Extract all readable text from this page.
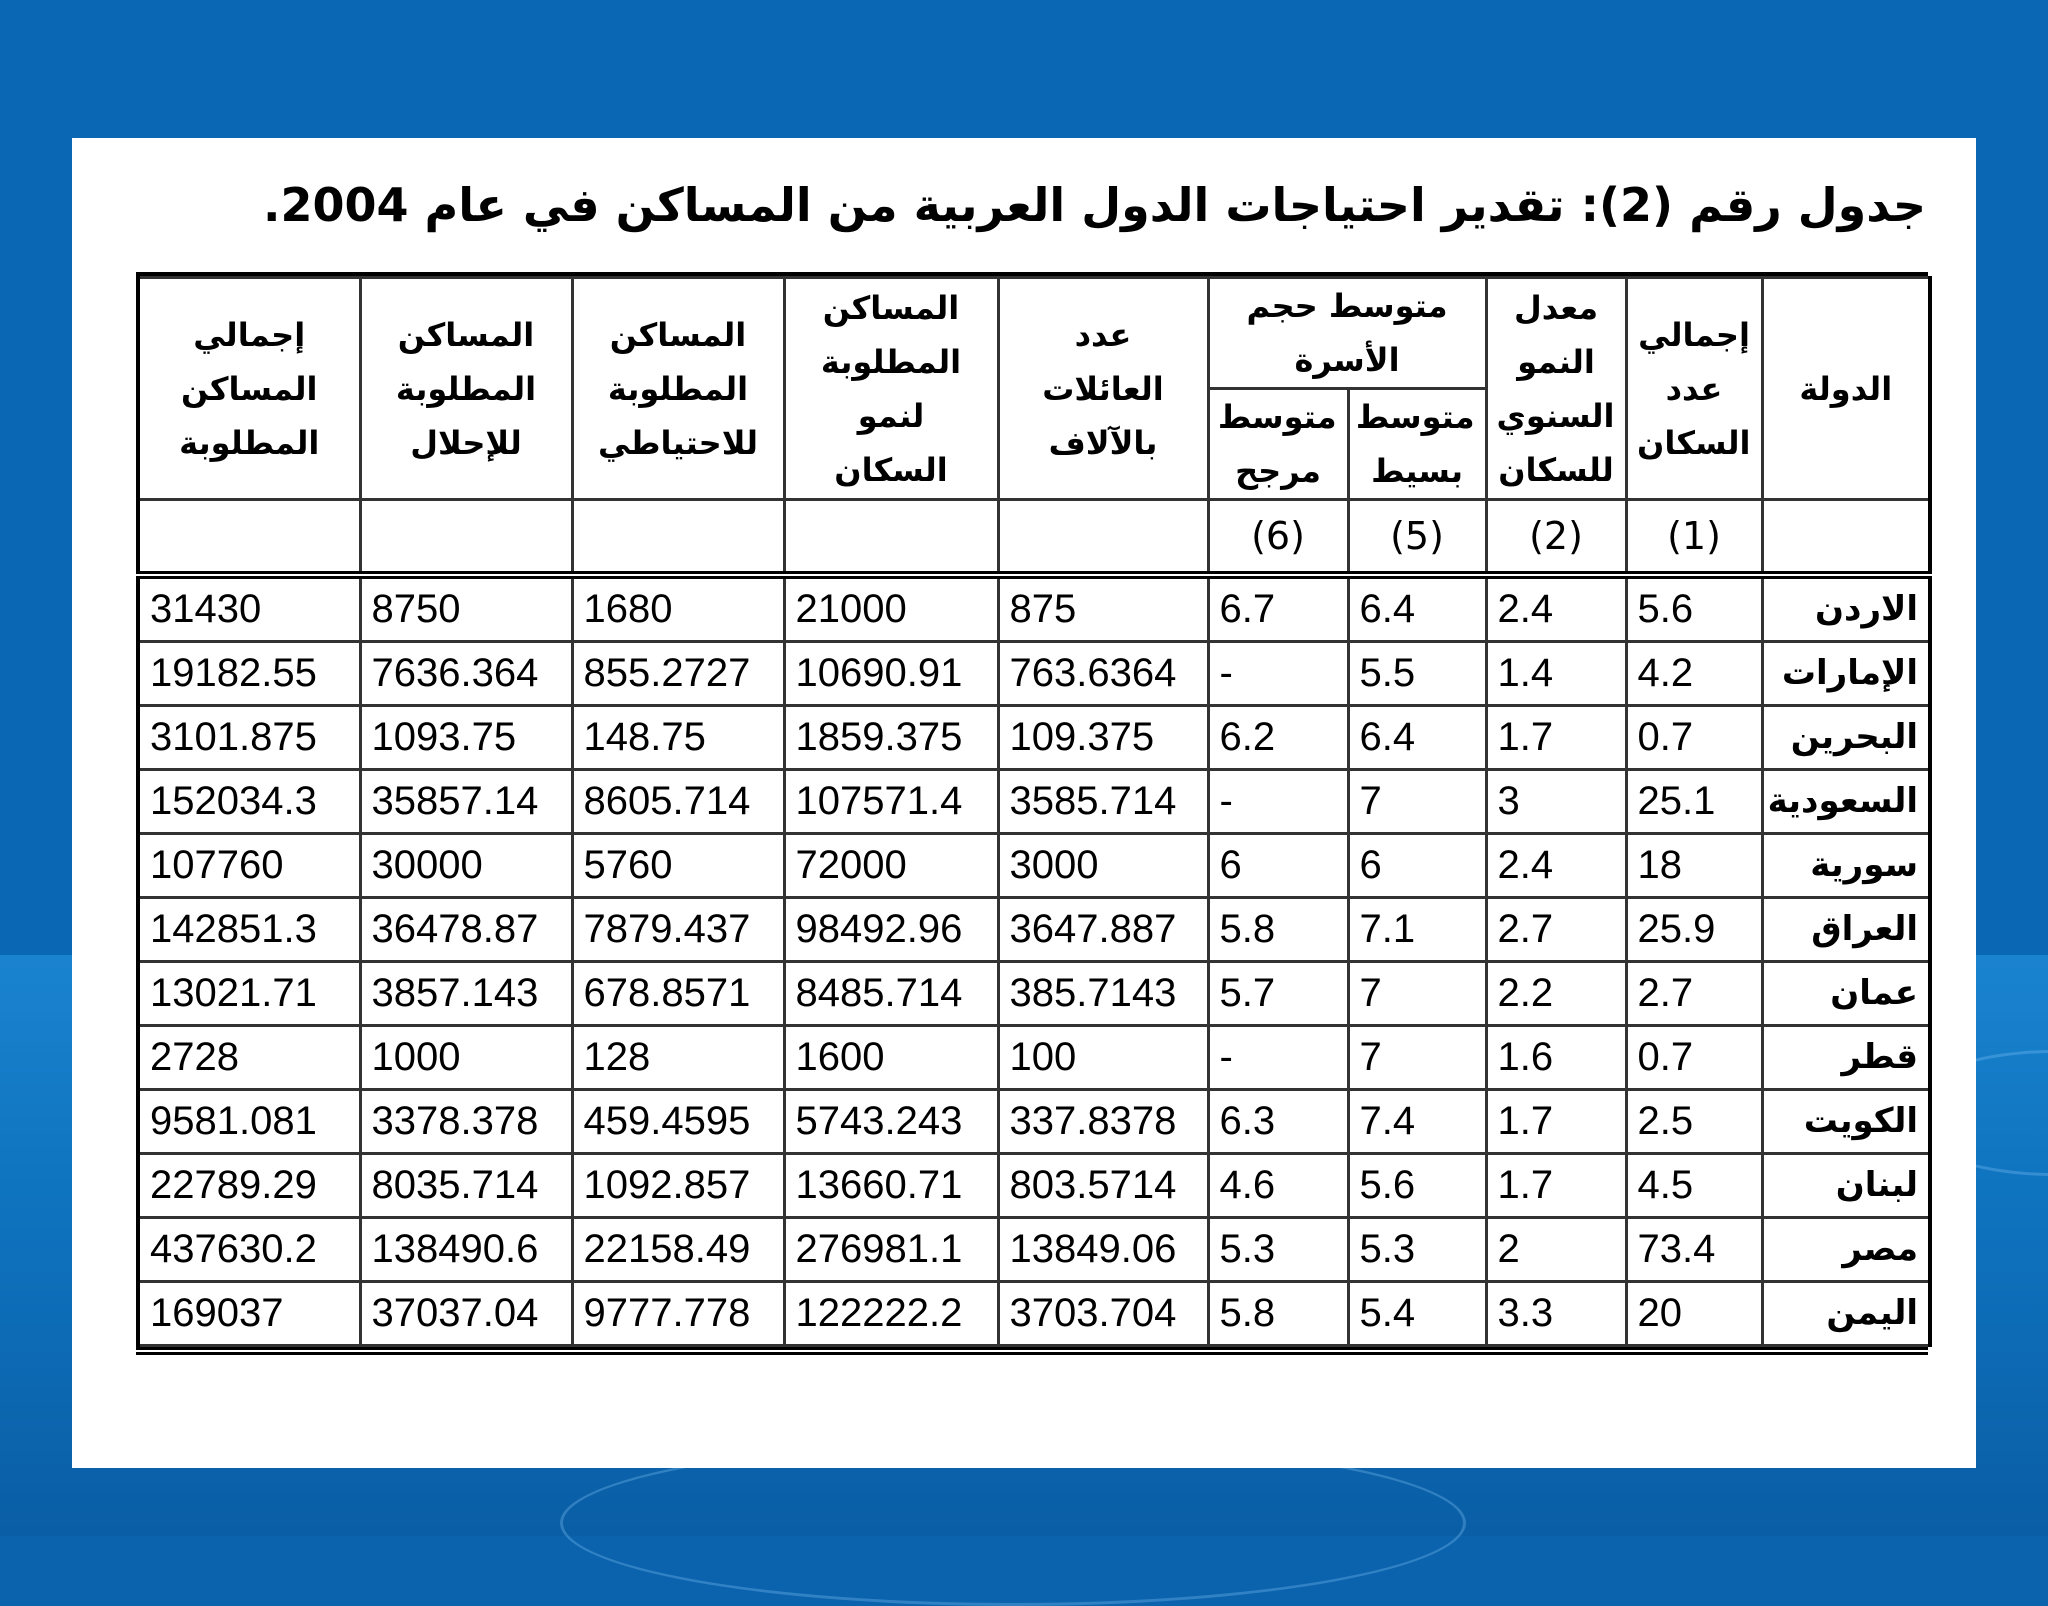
جدول رقم (2): تقدير احتياجات الدول العربية من المساكن في عام 2004.
الدولة	إجمالي عدد السكان	معدل النمو السنوي للسكان	متوسط حجم الأسرة		عدد العائلات بالآلاف	المساكن المطلوبة لنمو السكان	المساكن المطلوبة للاحتياطي	المساكن المطلوبة للإحلال	إجمالي المساكن المطلوبة
			متوسط بسيط	متوسط مرجح					
	(1)	(2)	(5)	(6)					
الاردن	5.6	2.4	6.4	6.7	875	21000	1680	8750	31430
الإمارات	4.2	1.4	5.5	-	763.6364	10690.91	855.2727	7636.364	19182.55
البحرين	0.7	1.7	6.4	6.2	109.375	1859.375	148.75	1093.75	3101.875
السعودية	25.1	3	7	-	3585.714	107571.4	8605.714	35857.14	152034.3
سورية	18	2.4	6	6	3000	72000	5760	30000	107760
العراق	25.9	2.7	7.1	5.8	3647.887	98492.96	7879.437	36478.87	142851.3
عمان	2.7	2.2	7	5.7	385.7143	8485.714	678.8571	3857.143	13021.71
قطر	0.7	1.6	7	-	100	1600	128	1000	2728
الكويت	2.5	1.7	7.4	6.3	337.8378	5743.243	459.4595	3378.378	9581.081
لبنان	4.5	1.7	5.6	4.6	803.5714	13660.71	1092.857	8035.714	22789.29
مصر	73.4	2	5.3	5.3	13849.06	276981.1	22158.49	138490.6	437630.2
اليمن	20	3.3	5.4	5.8	3703.704	122222.2	9777.778	37037.04	169037
